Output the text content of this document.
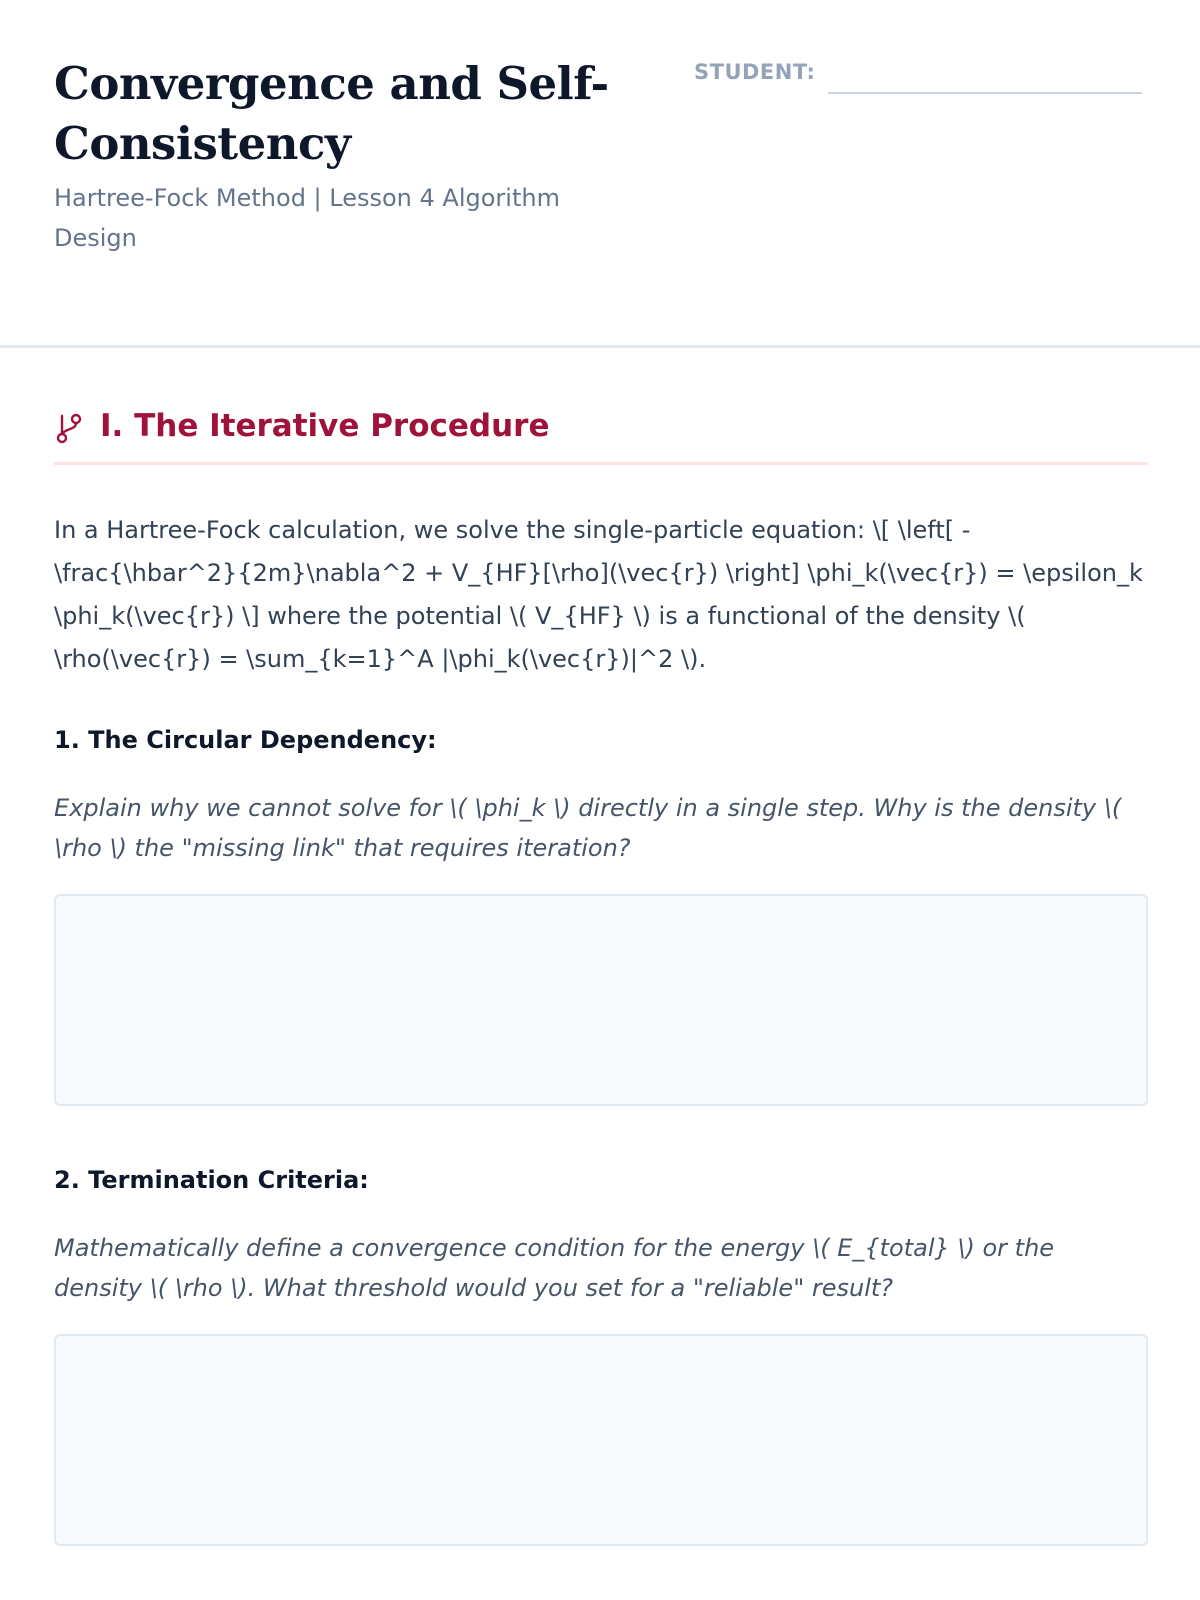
Convergence and Self-Consistency

Hartree-Fock Method | Lesson 4 Algorithm Design

STUDENT:
I. The Iterative Procedure

In a Hartree-Fock calculation, we solve the single-particle equation: \[ \left[ -\frac{\hbar^2}{2m}\nabla^2 + V_{HF}[\rho](\vec{r}) \right] \phi_k(\vec{r}) = \epsilon_k \phi_k(\vec{r}) \] where the potential \( V_{HF} \) is a functional of the density \( \rho(\vec{r}) = \sum_{k=1}^A |\phi_k(\vec{r})|^2 \).

1. The Circular Dependency:

Explain why we cannot solve for \( \phi_k \) directly in a single step. Why is the density \( \rho \) the "missing link" that requires iteration?

2. Termination Criteria:

Mathematically define a convergence condition for the energy \( E_{total} \) or the density \( \rho \). What threshold would you set for a "reliable" result?
